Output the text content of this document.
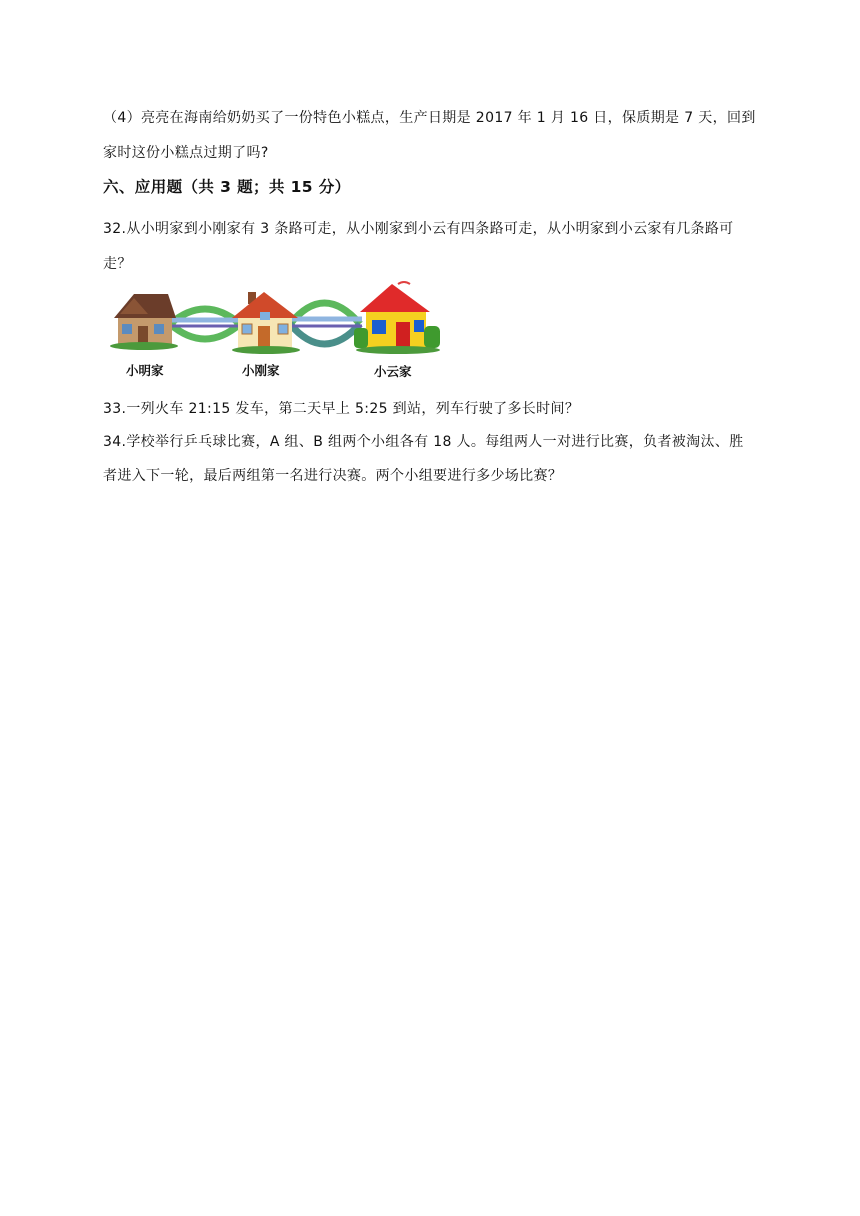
（4）亮亮在海南给奶奶买了一份特色小糕点，生产日期是 2017 年 1 月 16 日，保质期是 7 天，回到
家时这份小糕点过期了吗?
六、应用题（共 3 题；共 15 分）
32.从小明家到小刚家有 3 条路可走，从小刚家到小云有四条路可走，从小明家到小云家有几条路可
走？
小明家	小刚家	小云家
33.一列火车 21:15 发车，第二天早上 5:25 到站，列车行驶了多长时间？
34.学校举行乒乓球比赛，A 组、B 组两个小组各有 18 人。每组两人一对进行比赛，负者被淘汰、胜
者进入下一轮，最后两组第一名进行决赛。两个小组要进行多少场比赛？
